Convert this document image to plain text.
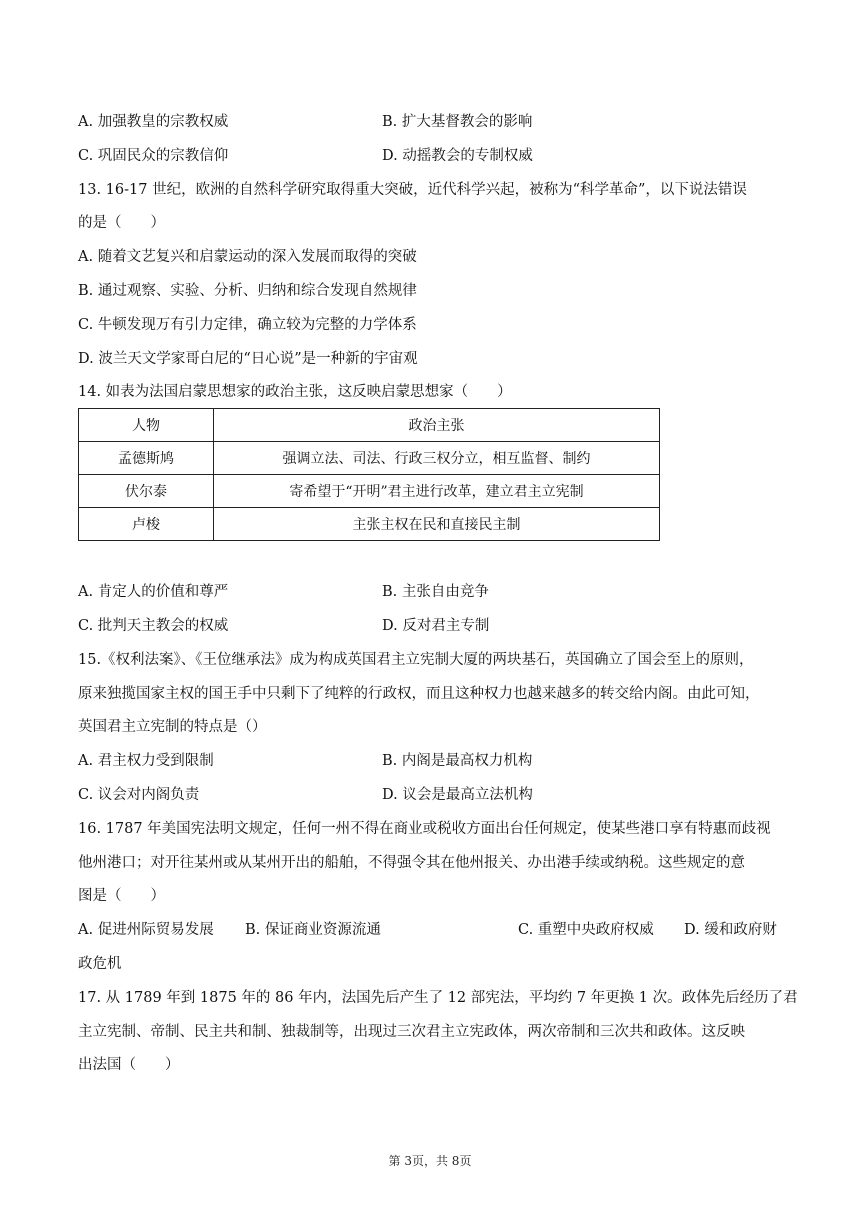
A. 加强教皇的宗教权威	B. 扩大基督教会的影响
C. 巩固民众的宗教信仰	D. 动摇教会的专制权威
13. 16-17 世纪，欧洲的自然科学研究取得重大突破，近代科学兴起，被称为“科学革命”，以下说法错误
的是（　　）
A. 随着文艺复兴和启蒙运动的深入发展而取得的突破
B. 通过观察、实验、分析、归纳和综合发现自然规律
C. 牛顿发现万有引力定律，确立较为完整的力学体系
D. 波兰天文学家哥白尼的“日心说”是一种新的宇宙观
14. 如表为法国启蒙思想家的政治主张，这反映启蒙思想家（　　）
人物	政治主张
孟德斯鸠	强调立法、司法、行政三权分立，相互监督、制约
伏尔泰	寄希望于“开明”君主进行改革，建立君主立宪制
卢梭	主张主权在民和直接民主制
A. 肯定人的价值和尊严	B. 主张自由竞争
C. 批判天主教会的权威	D. 反对君主专制
15.《权利法案》、《王位继承法》成为构成英国君主立宪制大厦的两块基石，英国确立了国会至上的原则，
原来独揽国家主权的国王手中只剩下了纯粹的行政权，而且这种权力也越来越多的转交给内阁。由此可知，
英国君主立宪制的特点是（）
A. 君主权力受到限制	B. 内阁是最高权力机构
C. 议会对内阁负责	D. 议会是最高立法机构
16. 1787 年美国宪法明文规定，任何一州不得在商业或税收方面出台任何规定，使某些港口享有特惠而歧视
他州港口；对开往某州或从某州开出的船舶，不得强令其在他州报关、办出港手续或纳税。这些规定的意
图是（　　）
A. 促进州际贸易发展 B. 保证商业资源流通	C. 重塑中央政府权威 D. 缓和政府财
政危机
17. 从 1789 年到 1875 年的 86 年内，法国先后产生了 12 部宪法，平均约 7 年更换 1 次。政体先后经历了君
主立宪制、帝制、民主共和制、独裁制等，出现过三次君主立宪政体，两次帝制和三次共和政体。这反映
出法国（　　）
第 3页，共 8页
